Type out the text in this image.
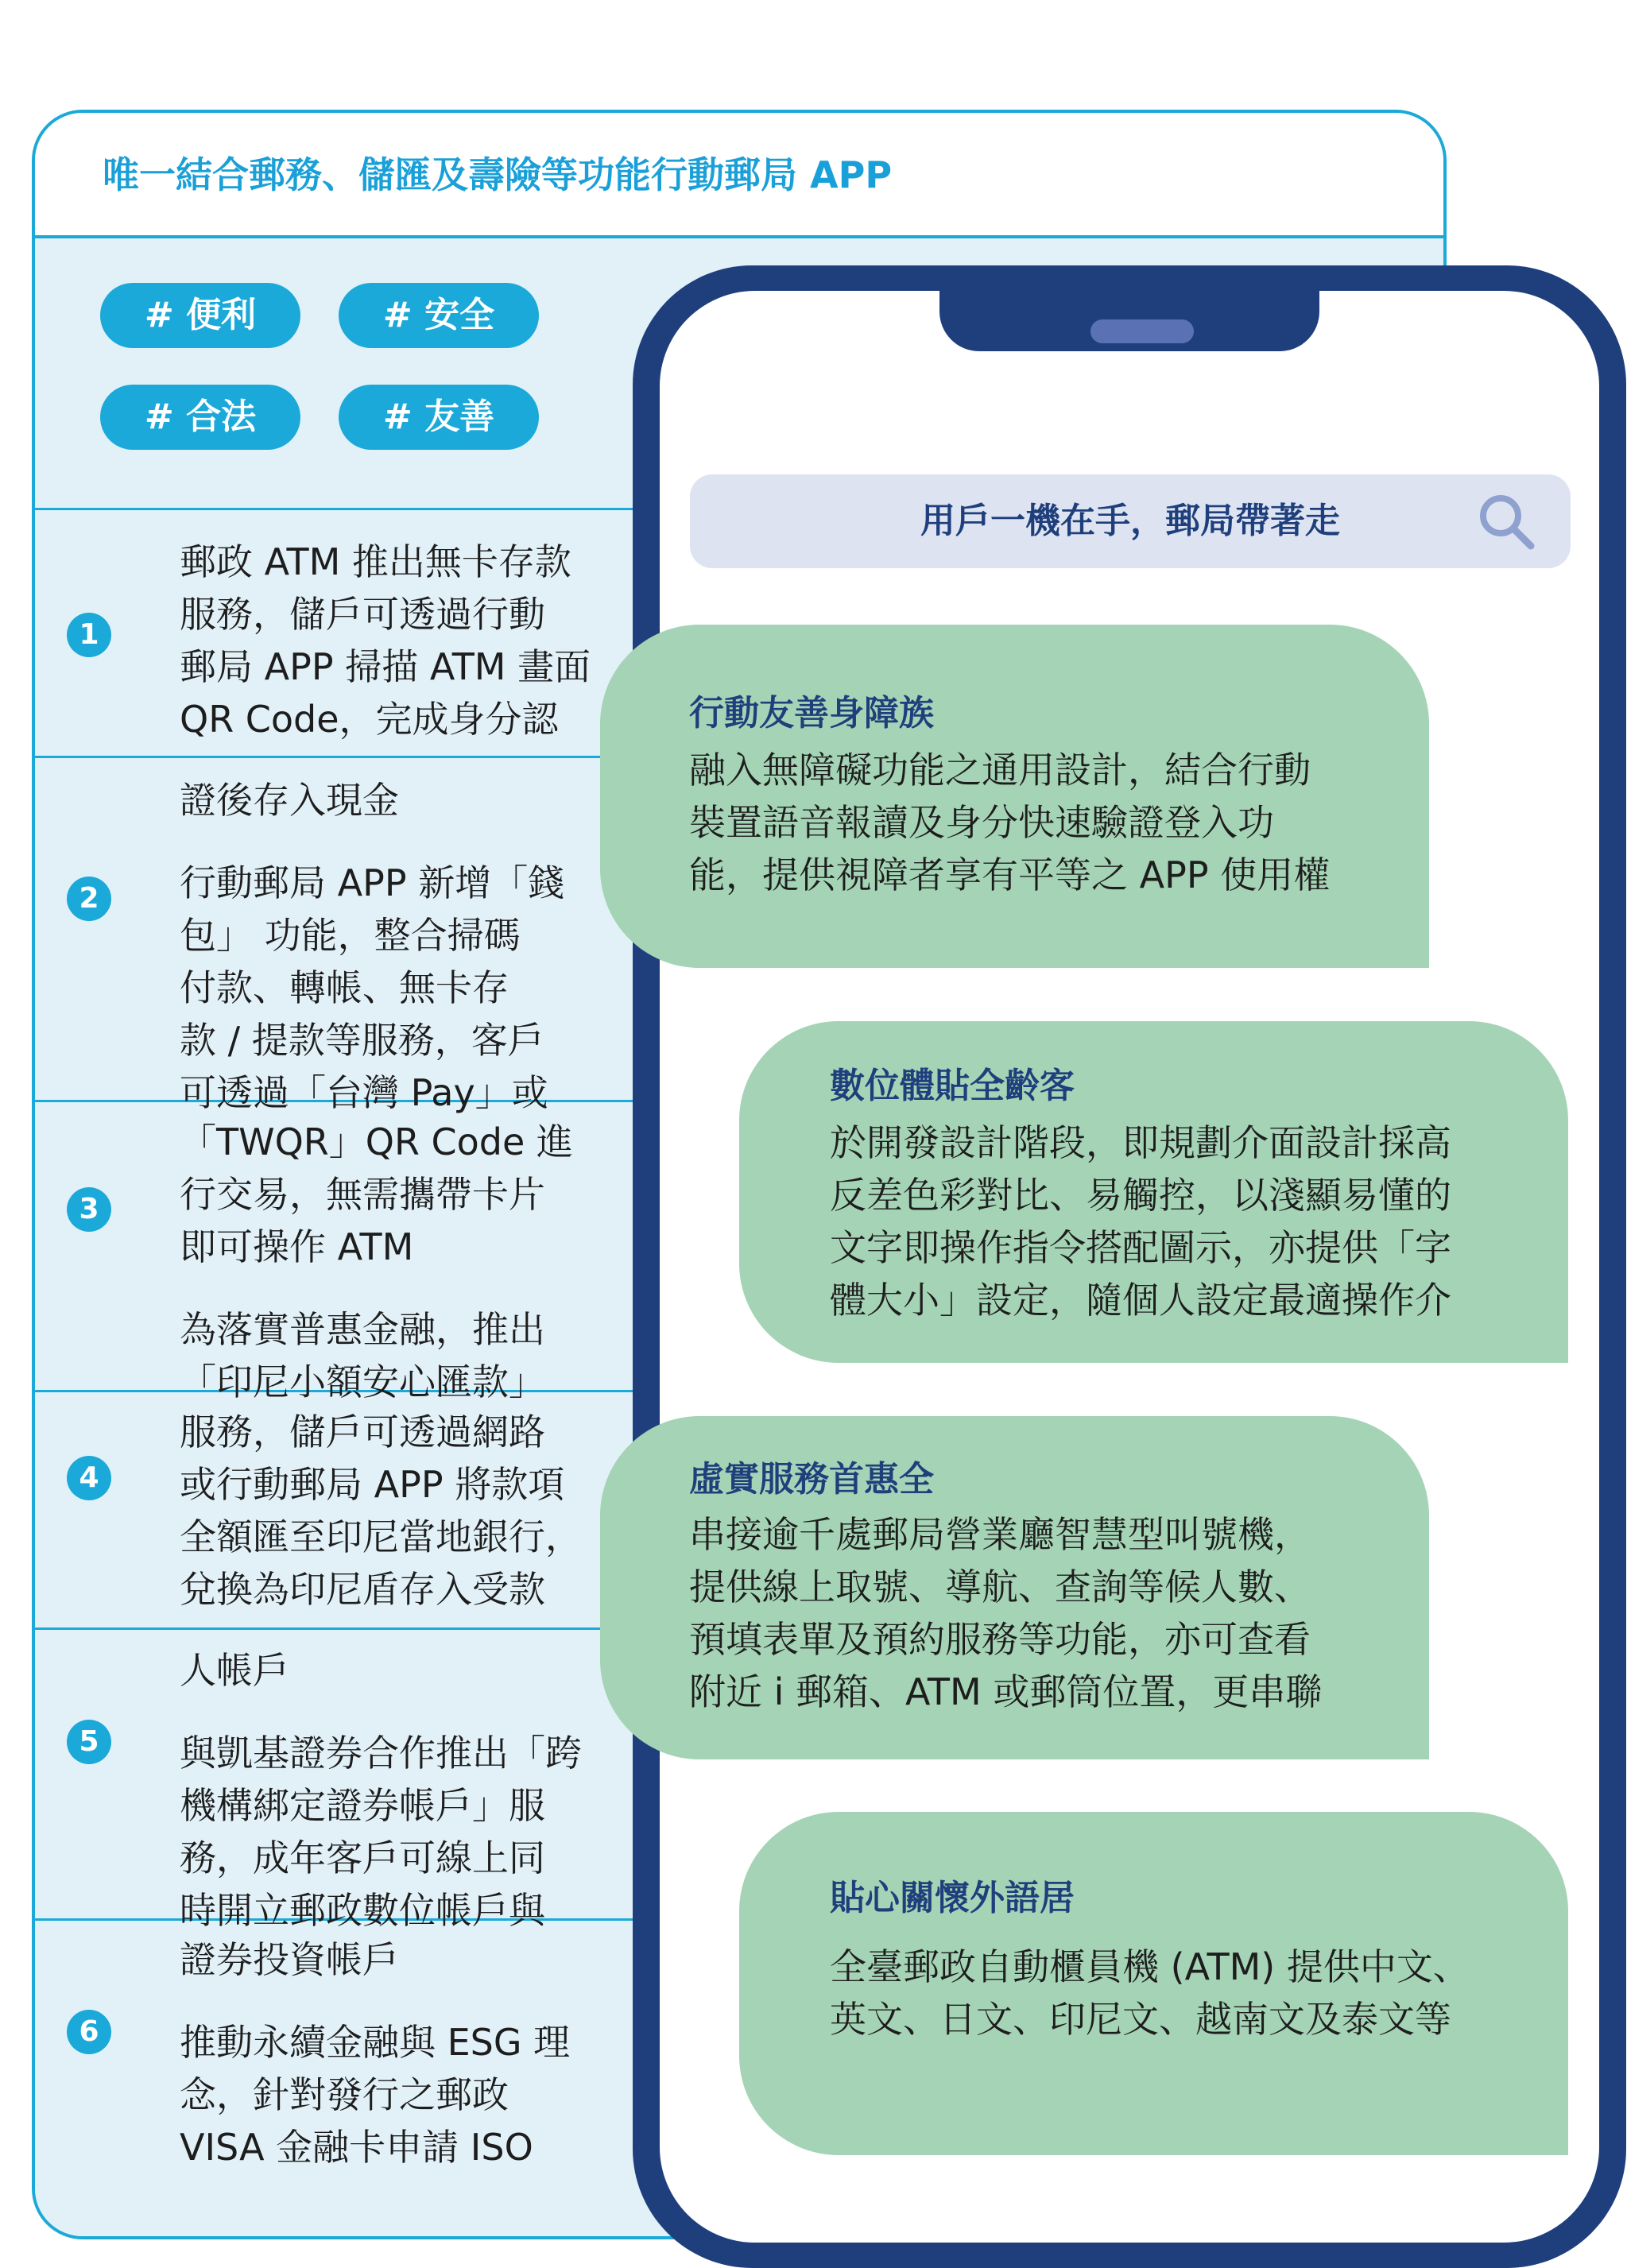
唯一結合郵務、儲匯及壽險等功能行動郵局 APP
# 便利	# 安全
# 合法	# 友善
1

郵政 ATM 推出無卡存款

服務，儲戶可透過行動

郵局 APP 掃描 ATM 畫面

QR Code，完成身分認

2

證後存入現金

行動郵局 APP 新增「錢

包」 功能，整合掃碼

付款、轉帳、無卡存

款 / 提款等服務，客戶

可透過「台灣 Pay」或

3

「TWQR」QR Code 進

行交易，無需攜帶卡片

即可操作 ATM

為落實普惠金融，推出

「印尼小額安心匯款」

4

服務，儲戶可透過網路

或行動郵局 APP 將款項

全額匯至印尼當地銀行，

兌換為印尼盾存入受款

5

人帳戶

與凱基證券合作推出「跨

機構綁定證券帳戶」服

務，成年客戶可線上同

時開立郵政數位帳戶與

6

證券投資帳戶

推動永續金融與 ESG 理

念，針對發行之郵政

VISA 金融卡申請 ISO

用戶一機在手，郵局帶著走
行動友善身障族

融入無障礙功能之通用設計，結合行動

裝置語音報讀及身分快速驗證登入功

能，提供視障者享有平等之 APP 使用權

數位體貼全齡客

於開發設計階段，即規劃介面設計採高

反差色彩對比、易觸控，以淺顯易懂的

文字即操作指令搭配圖示，亦提供「字

體大小」設定，隨個人設定最適操作介

虛實服務首惠全

串接逾千處郵局營業廳智慧型叫號機，

提供線上取號、導航、查詢等候人數、

預填表單及預約服務等功能，亦可查看

附近 i 郵箱、ATM 或郵筒位置，更串聯

貼心關懷外語居

全臺郵政自動櫃員機 (ATM) 提供中文、

英文、日文、印尼文、越南文及泰文等
